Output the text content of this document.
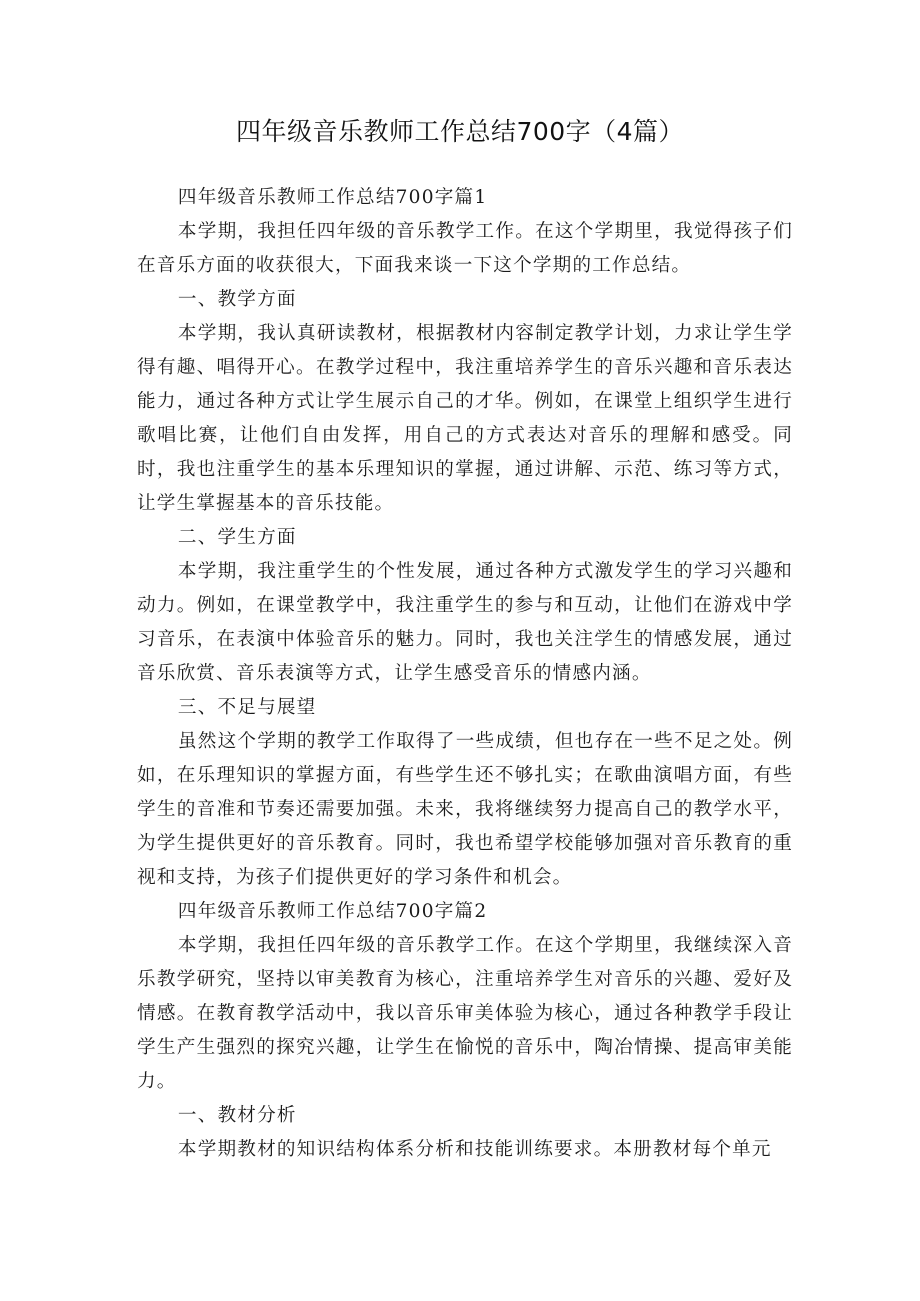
四年级音乐教师工作总结700字（4篇）

四年级音乐教师工作总结700字篇1

本学期，我担任四年级的音乐教学工作。在这个学期里，我觉得孩子们在音乐方面的收获很大，下面我来谈一下这个学期的工作总结。

一、教学方面

本学期，我认真研读教材，根据教材内容制定教学计划，力求让学生学得有趣、唱得开心。在教学过程中，我注重培养学生的音乐兴趣和音乐表达能力，通过各种方式让学生展示自己的才华。例如，在课堂上组织学生进行歌唱比赛，让他们自由发挥，用自己的方式表达对音乐的理解和感受。同时，我也注重学生的基本乐理知识的掌握，通过讲解、示范、练习等方式，让学生掌握基本的音乐技能。

二、学生方面

本学期，我注重学生的个性发展，通过各种方式激发学生的学习兴趣和动力。例如，在课堂教学中，我注重学生的参与和互动，让他们在游戏中学习音乐，在表演中体验音乐的魅力。同时，我也关注学生的情感发展，通过音乐欣赏、音乐表演等方式，让学生感受音乐的情感内涵。

三、不足与展望

虽然这个学期的教学工作取得了一些成绩，但也存在一些不足之处。例如，在乐理知识的掌握方面，有些学生还不够扎实；在歌曲演唱方面，有些学生的音准和节奏还需要加强。未来，我将继续努力提高自己的教学水平，为学生提供更好的音乐教育。同时，我也希望学校能够加强对音乐教育的重视和支持，为孩子们提供更好的学习条件和机会。

四年级音乐教师工作总结700字篇2

本学期，我担任四年级的音乐教学工作。在这个学期里，我继续深入音乐教学研究，坚持以审美教育为核心，注重培养学生对音乐的兴趣、爱好及情感。在教育教学活动中，我以音乐审美体验为核心，通过各种教学手段让学生产生强烈的探究兴趣，让学生在愉悦的音乐中，陶冶情操、提高审美能力。

一、教材分析

本学期教材的知识结构体系分析和技能训练要求。本册教材每个单元
